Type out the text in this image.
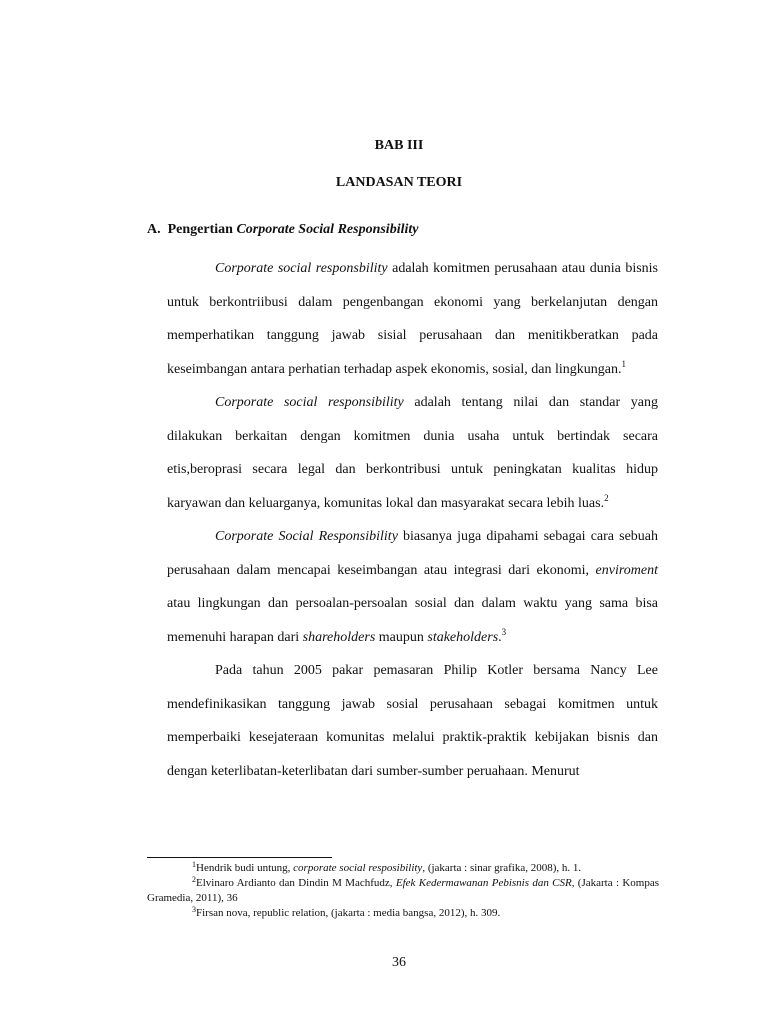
BAB III
LANDASAN TEORI
A. Pengertian Corporate Social Responsibility

Corporate social responsbility adalah komitmen perusahaan atau dunia bisnis untuk berkontriibusi dalam pengenbangan ekonomi yang berkelanjutan dengan memperhatikan tanggung jawab sisial perusahaan dan menitikberatkan pada keseimbangan antara perhatian terhadap aspek ekonomis, sosial, dan lingkungan.$^1$

Corporate social responsibility adalah tentang nilai dan standar yang dilakukan berkaitan dengan komitmen dunia usaha untuk bertindak secara etis,beroprasi secara legal dan berkontribusi untuk peningkatan kualitas hidup karyawan dan keluarganya, komunitas lokal dan masyarakat secara lebih luas.$^2$

Corporate Social Responsibility biasanya juga dipahami sebagai cara sebuah perusahaan dalam mencapai keseimbangan atau integrasi dari ekonomi, enviroment atau lingkungan dan persoalan-persoalan sosial dan dalam waktu yang sama bisa memenuhi harapan dari shareholders maupun stakeholders.$^3$

Pada tahun 2005 pakar pemasaran Philip Kotler bersama Nancy Lee mendefinikasikan tanggung jawab sosial perusahaan sebagai komitmen untuk memperbaiki kesejateraan komunitas melalui praktik-praktik kebijakan bisnis dan dengan keterlibatan-keterlibatan dari sumber-sumber peruahaan. Menurut

$^1$Hendrik budi untung, corporate social resposibility, (jakarta : sinar grafika, 2008), h. 1.
$^2$Elvinaro Ardianto dan Dindin M Machfudz, Efek Kedermawanan Pebisnis dan CSR, (Jakarta : Kompas Gramedia, 2011), 36
$^3$Firsan nova, republic relation, (jakarta : media bangsa, 2012), h. 309.
36
